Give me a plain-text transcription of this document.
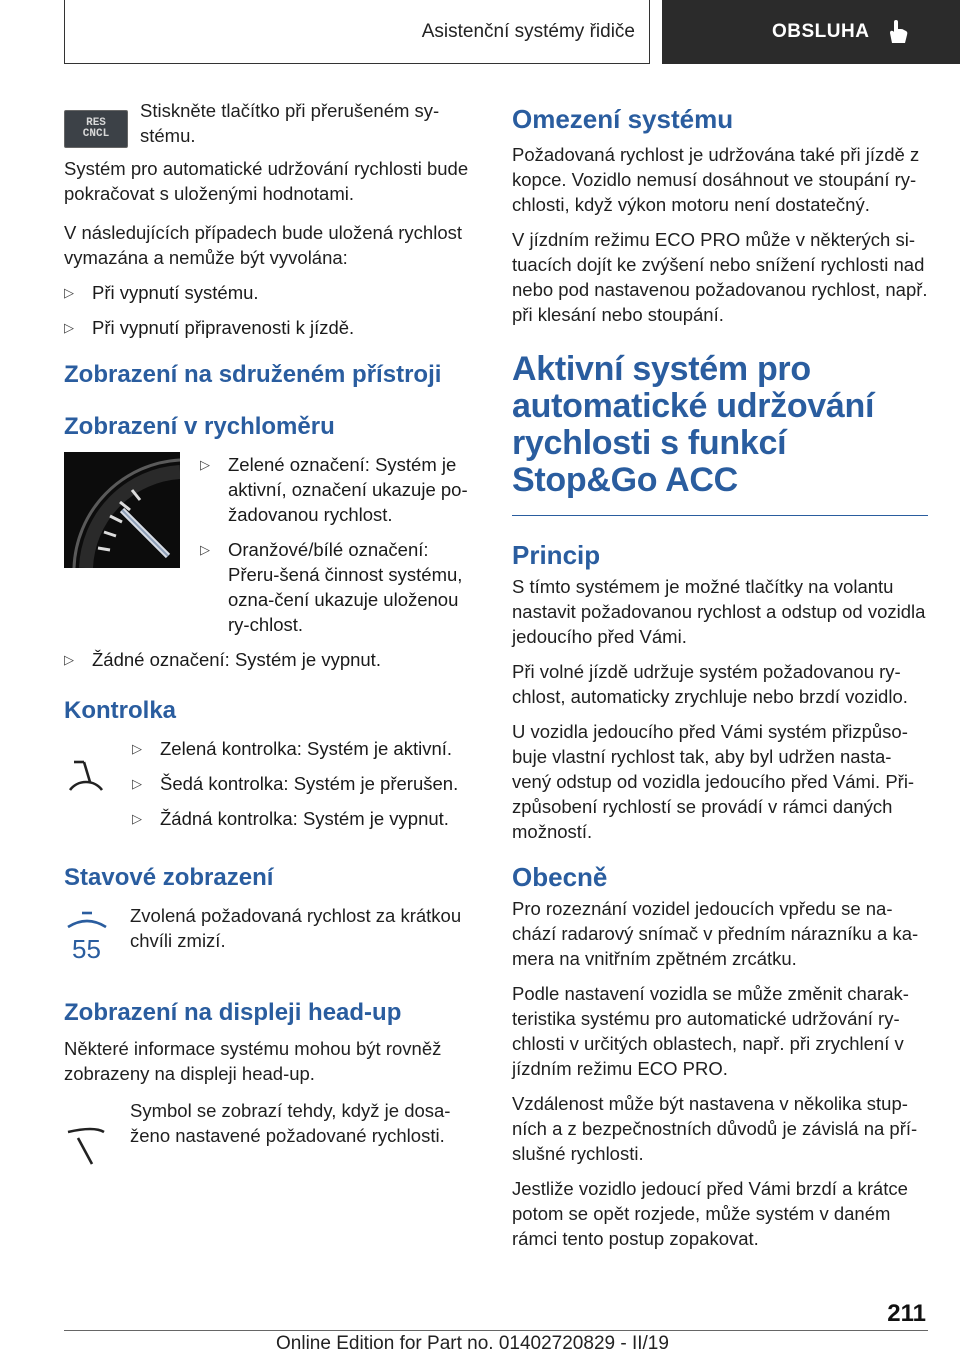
Asistenční systémy řidiče	OBSLUHA
RES
CNCL

Stiskněte tlačítko při přerušeném sy-stému.

Systém pro automatické udržování rychlosti bude pokračovat s uloženými hodnotami.

V následujících případech bude uložená rychlost vymazána a nemůže být vyvolána:

▷ Při vypnutí systému.
▷ Při vypnutí připravenosti k jízdě.
Zobrazení na sdruženém přístroji
Zobrazení v rychloměru
▷ Zelené označení: Systém je aktivní, označení ukazuje po-žadovanou rychlost.
▷ Oranžové/bílé označení: Přeru-šená činnost systému, ozna-čení ukazuje uloženou ry-chlost.
▷ Žádné označení: Systém je vypnut.
Kontrolka
▷ Zelená kontrolka: Systém je aktivní.
▷ Šedá kontrolka: Systém je přerušen.
▷ Žádná kontrolka: Systém je vypnut.
Stavové zobrazení
55

Zvolená požadovaná rychlost za krátkou chvíli zmizí.

Zobrazení na displeji head-up

Některé informace systému mohou být rovněž zobrazeny na displeji head-up.

Symbol se zobrazí tehdy, když je dosa-ženo nastavené požadované rychlosti.

Omezení systému

Požadovaná rychlost je udržována také při jízdě z kopce. Vozidlo nemusí dosáhnout ve stoupání ry-chlosti, když výkon motoru není dostatečný.

V jízdním režimu ECO PRO může v některých si-tuacích dojít ke zvýšení nebo snížení rychlosti nad nebo pod nastavenou požadovanou rychlost, např. při klesání nebo stoupání.

Aktivní systém pro automatické udržování rychlosti s funkcí Stop&Go ACC
Princip

S tímto systémem je možné tlačítky na volantu nastavit požadovanou rychlost a odstup od vozidla jedoucího před Vámi.

Při volné jízdě udržuje systém požadovanou ry-chlost, automaticky zrychluje nebo brzdí vozidlo.

U vozidla jedoucího před Vámi systém přizpůso-buje vlastní rychlost tak, aby byl udržen nasta-vený odstup od vozidla jedoucího před Vámi. Při-způsobení rychlostí se provádí v rámci daných možností.

Obecně

Pro rozeznání vozidel jedoucích vpředu se na-chází radarový snímač v předním nárazníku a ka-mera na vnitřním zpětném zrcátku.

Podle nastavení vozidla se může změnit charak-teristika systému pro automatické udržování ry-chlosti v určitých oblastech, např. při zrychlení v jízdním režimu ECO PRO.

Vzdálenost může být nastavena v několika stup-ních a z bezpečnostních důvodů je závislá na pří-slušné rychlosti.

Jestliže vozidlo jedoucí před Vámi brzdí a krátce potom se opět rozjede, může systém v daném rámci tento postup zopakovat.

211
Online Edition for Part no. 01402720829 - II/19
